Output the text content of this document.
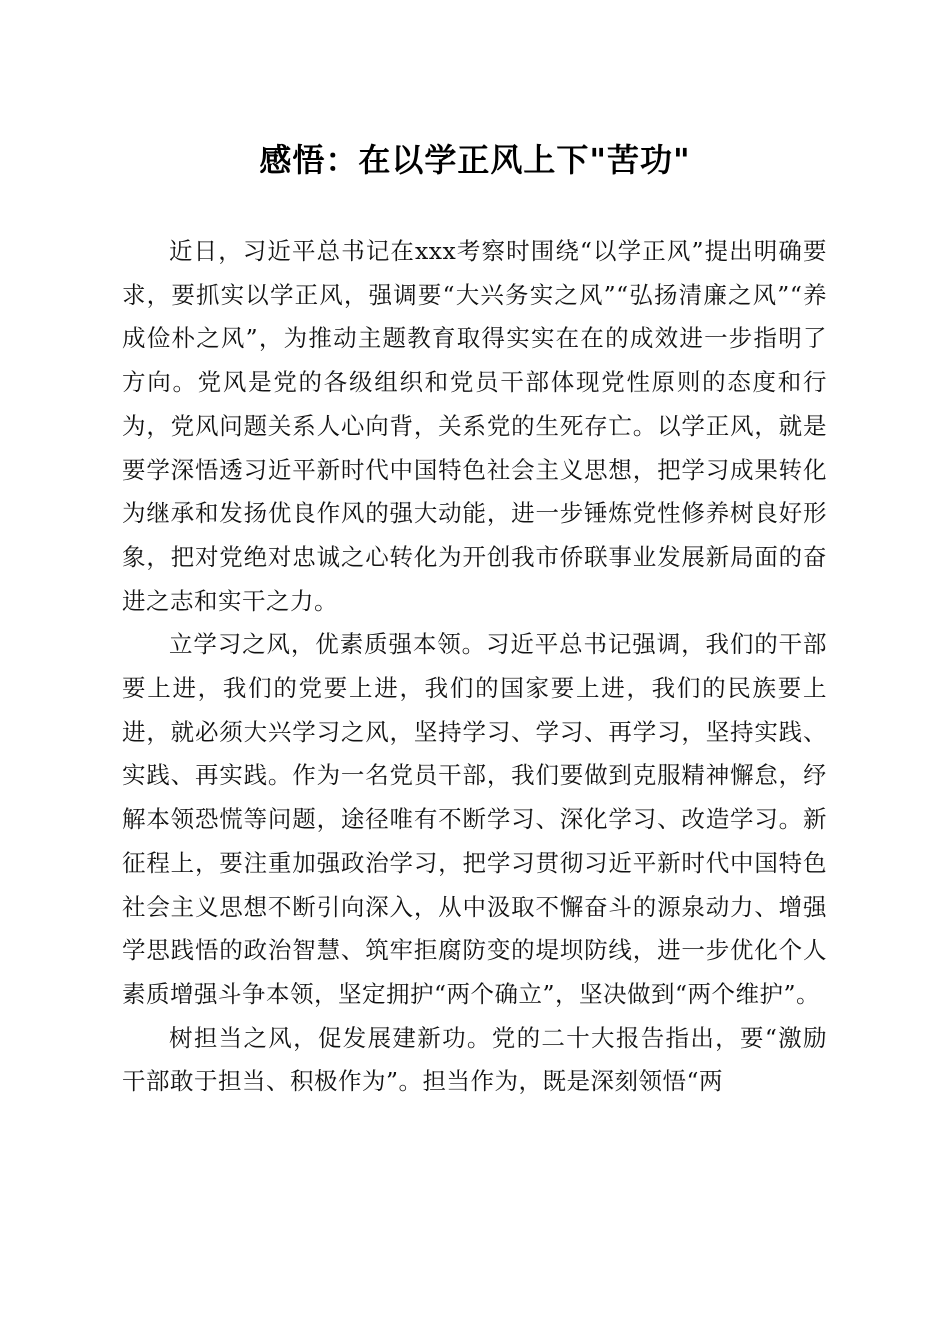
感悟：在以学正风上下"苦功"

近日，习近平总书记在xxx考察时围绕“以学正风”提出明确要求，要抓实以学正风，强调要“大兴务实之风”“弘扬清廉之风”“养成俭朴之风”，为推动主题教育取得实实在在的成效进一步指明了方向。党风是党的各级组织和党员干部体现党性原则的态度和行为，党风问题关系人心向背，关系党的生死存亡。以学正风，就是要学深悟透习近平新时代中国特色社会主义思想，把学习成果转化为继承和发扬优良作风的强大动能，进一步锤炼党性修养树良好形象，把对党绝对忠诚之心转化为开创我市侨联事业发展新局面的奋进之志和实干之力。

立学习之风，优素质强本领。习近平总书记强调，我们的干部要上进，我们的党要上进，我们的国家要上进，我们的民族要上进，就必须大兴学习之风，坚持学习、学习、再学习，坚持实践、实践、再实践。作为一名党员干部，我们要做到克服精神懈怠，纾解本领恐慌等问题，途径唯有不断学习、深化学习、改造学习。新征程上，要注重加强政治学习，把学习贯彻习近平新时代中国特色社会主义思想不断引向深入，从中汲取不懈奋斗的源泉动力、增强学思践悟的政治智慧、筑牢拒腐防变的堤坝防线，进一步优化个人素质增强斗争本领，坚定拥护“两个确立”，坚决做到“两个维护”。

树担当之风，促发展建新功。党的二十大报告指出，要“激励干部敢于担当、积极作为”。担当作为，既是深刻领悟“两
